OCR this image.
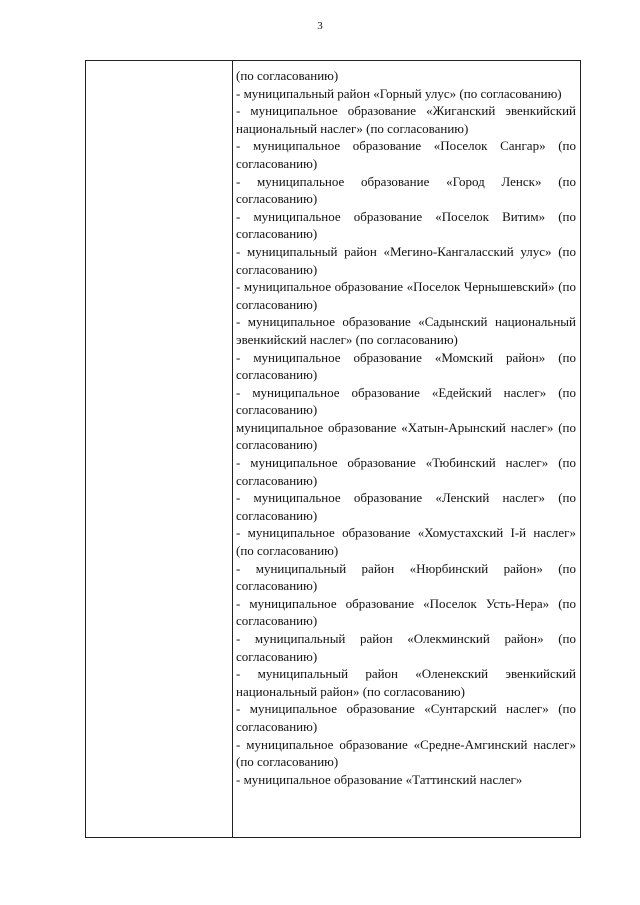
3
(по согласованию)
- муниципальный район «Горный улус» (по согласованию)
- муниципальное образование «Жиганский эвенкийский национальный наслег» (по согласованию)
- муниципальное образование «Поселок Сангар» (по согласованию)
- муниципальное образование «Город Ленск» (по согласованию)
- муниципальное образование «Поселок Витим» (по согласованию)
- муниципальный район «Мегино-Кангаласский улус» (по согласованию)
- муниципальное образование «Поселок Чернышевский» (по согласованию)
- муниципальное образование «Садынский национальный эвенкийский наслег» (по согласованию)
- муниципальное образование «Момский район» (по согласованию)
- муниципальное образование «Едейский наслег» (по согласованию)
муниципальное образование «Хатын-Арынский наслег» (по согласованию)
- муниципальное образование «Тюбинский наслег» (по согласованию)
- муниципальное образование «Ленский наслег» (по согласованию)
- муниципальное образование «Хомустахский I-й наслег» (по согласованию)
- муниципальный район «Нюрбинский район» (по согласованию)
- муниципальное образование «Поселок Усть-Нера» (по согласованию)
- муниципальный район «Олекминский район» (по согласованию)
- муниципальный район «Оленекский эвенкийский национальный район» (по согласованию)
- муниципальное образование «Сунтарский наслег» (по согласованию)
- муниципальное образование «Средне-Амгинский наслег» (по согласованию)
- муниципальное образование «Таттинский наслег»
